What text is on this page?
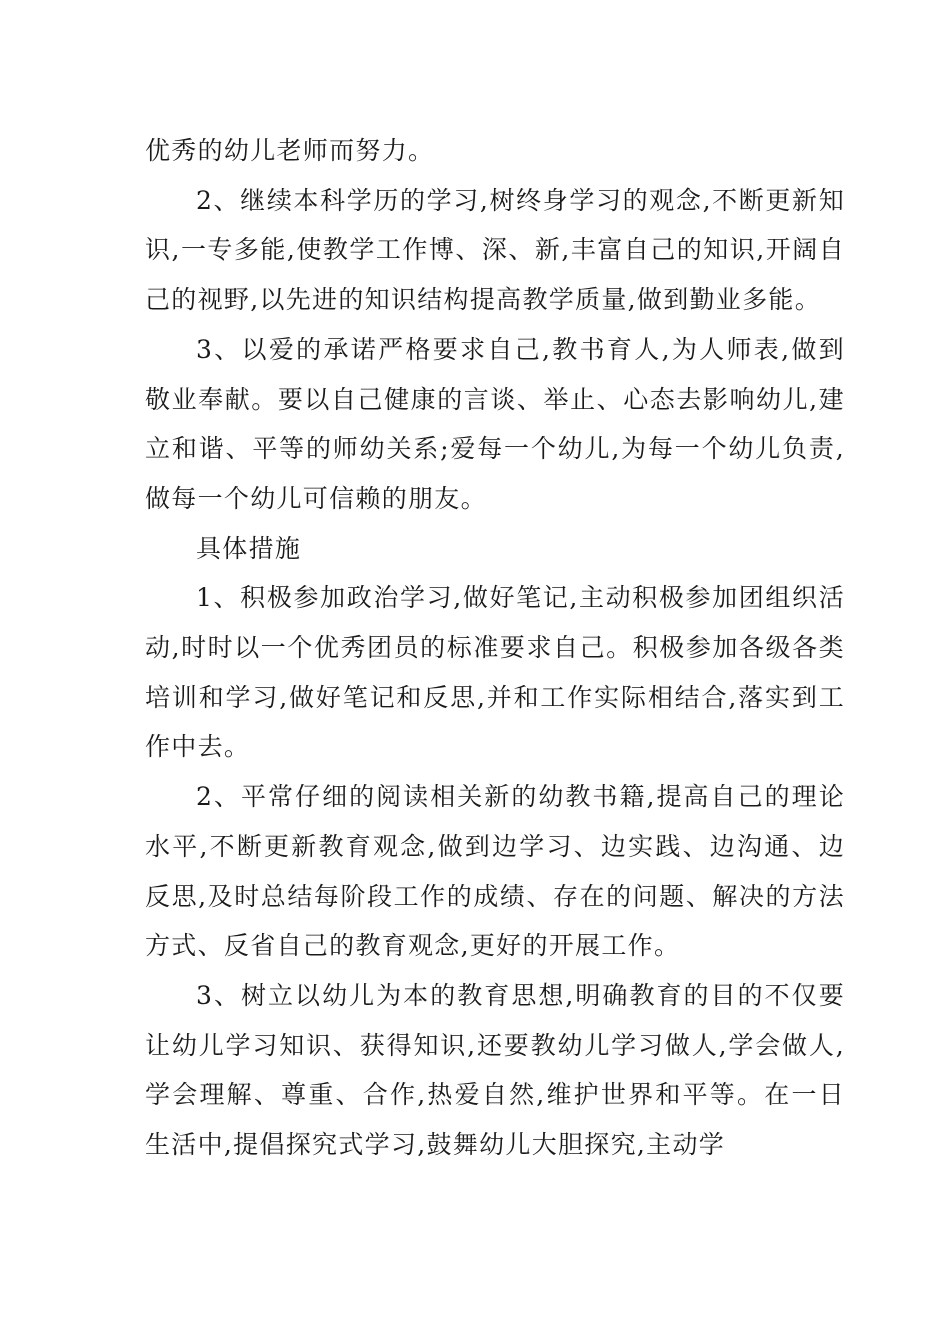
优秀的幼儿老师而努力。

2、继续本科学历的学习,树终身学习的观念,不断更新知识,一专多能,使教学工作博、深、新,丰富自己的知识,开阔自己的视野,以先进的知识结构提高教学质量,做到勤业多能。

3、以爱的承诺严格要求自己,教书育人,为人师表,做到敬业奉献。要以自己健康的言谈、举止、心态去影响幼儿,建立和谐、平等的师幼关系;爱每一个幼儿,为每一个幼儿负责,做每一个幼儿可信赖的朋友。

具体措施

1、积极参加政治学习,做好笔记,主动积极参加团组织活动,时时以一个优秀团员的标准要求自己。积极参加各级各类培训和学习,做好笔记和反思,并和工作实际相结合,落实到工作中去。

2、平常仔细的阅读相关新的幼教书籍,提高自己的理论水平,不断更新教育观念,做到边学习、边实践、边沟通、边反思,及时总结每阶段工作的成绩、存在的问题、解决的方法方式、反省自己的教育观念,更好的开展工作。

3、树立以幼儿为本的教育思想,明确教育的目的不仅要让幼儿学习知识、获得知识,还要教幼儿学习做人,学会做人,学会理解、尊重、合作,热爱自然,维护世界和平等。在一日生活中,提倡探究式学习,鼓舞幼儿大胆探究,主动学
